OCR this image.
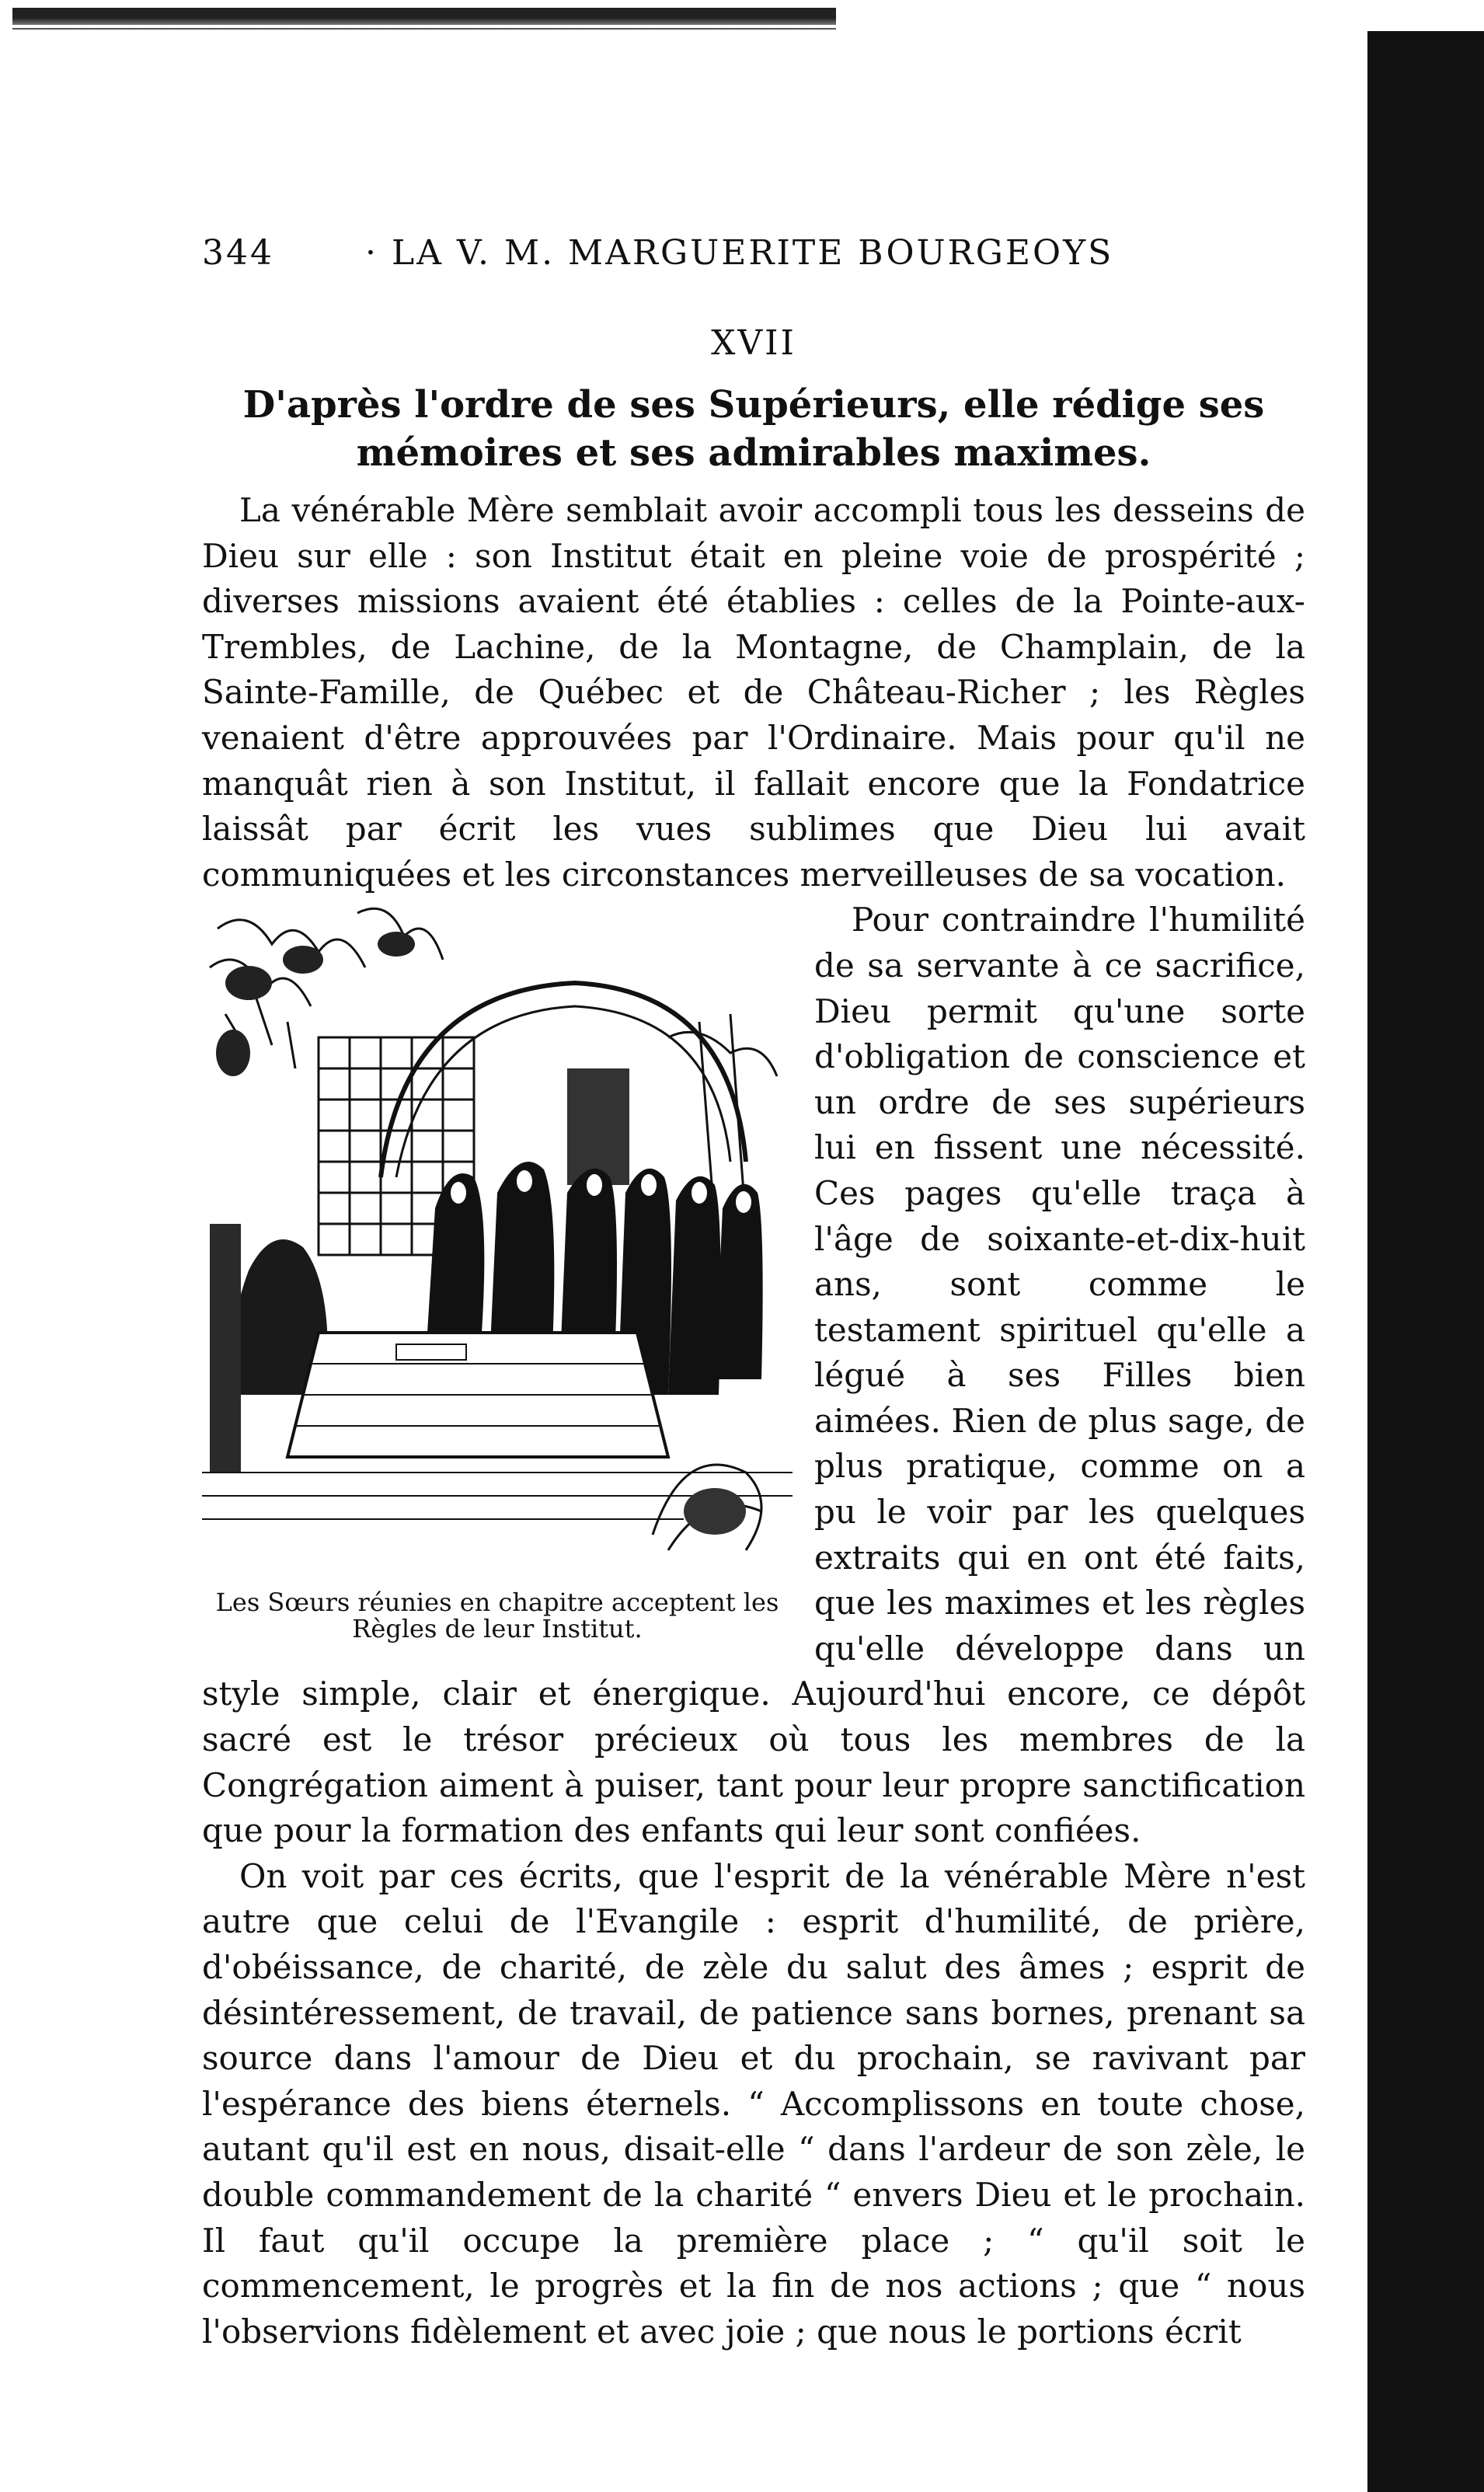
p
n
"
"
"
co
co
"(
344	· LA V. M. MARGUERITE BOURGEOYS
XVII
D'après l'ordre de ses Supérieurs, elle rédige ses mémoires et ses admirables maximes.

La vénérable Mère semblait avoir accompli tous les desseins de Dieu sur elle : son Institut était en pleine voie de prospérité ; diverses missions avaient été établies : celles de la Pointe-aux-Trembles, de Lachine, de la Montagne, de Champlain, de la Sainte-Famille, de Québec et de Château-Richer ; les Règles venaient d'être approuvées par l'Ordinaire. Mais pour qu'il ne manquât rien à son Institut, il fallait encore que la Fondatrice laissât par écrit les vues sublimes que Dieu lui avait communiquées et les circonstances merveilleuses de sa vocation.

Les Sœurs réunies en chapitre acceptent les Règles de leur Institut.

Pour contraindre l'humilité de sa servante à ce sacrifice, Dieu permit qu'une sorte d'obligation de conscience et un ordre de ses supérieurs lui en fissent une nécessité. Ces pages qu'elle traça à l'âge de soixante-et-dix-huit ans, sont comme le testament spirituel qu'elle a légué à ses Filles bien aimées. Rien de plus sage, de plus pratique, comme on a pu le voir par les quelques extraits qui en ont été faits, que les maximes et les règles qu'elle développe dans un style simple, clair et énergique. Aujourd'hui encore, ce dépôt sacré est le trésor précieux où tous les membres de la Congrégation aiment à puiser, tant pour leur propre sanctification que pour la formation des enfants qui leur sont confiées.

On voit par ces écrits, que l'esprit de la vénérable Mère n'est autre que celui de l'Evangile : esprit d'humilité, de prière, d'obéissance, de charité, de zèle du salut des âmes ; esprit de désintéressement, de travail, de patience sans bornes, prenant sa source dans l'amour de Dieu et du prochain, se ravivant par l'espérance des biens éternels. “ Accomplissons en toute chose, autant qu'il est en nous, disait-elle “ dans l'ardeur de son zèle, le double commandement de la charité “ envers Dieu et le prochain. Il faut qu'il occupe la première place ; “ qu'il soit le commencement, le progrès et la fin de nos actions ; que “ nous l'observions fidèlement et avec joie ; que nous le portions écrit
